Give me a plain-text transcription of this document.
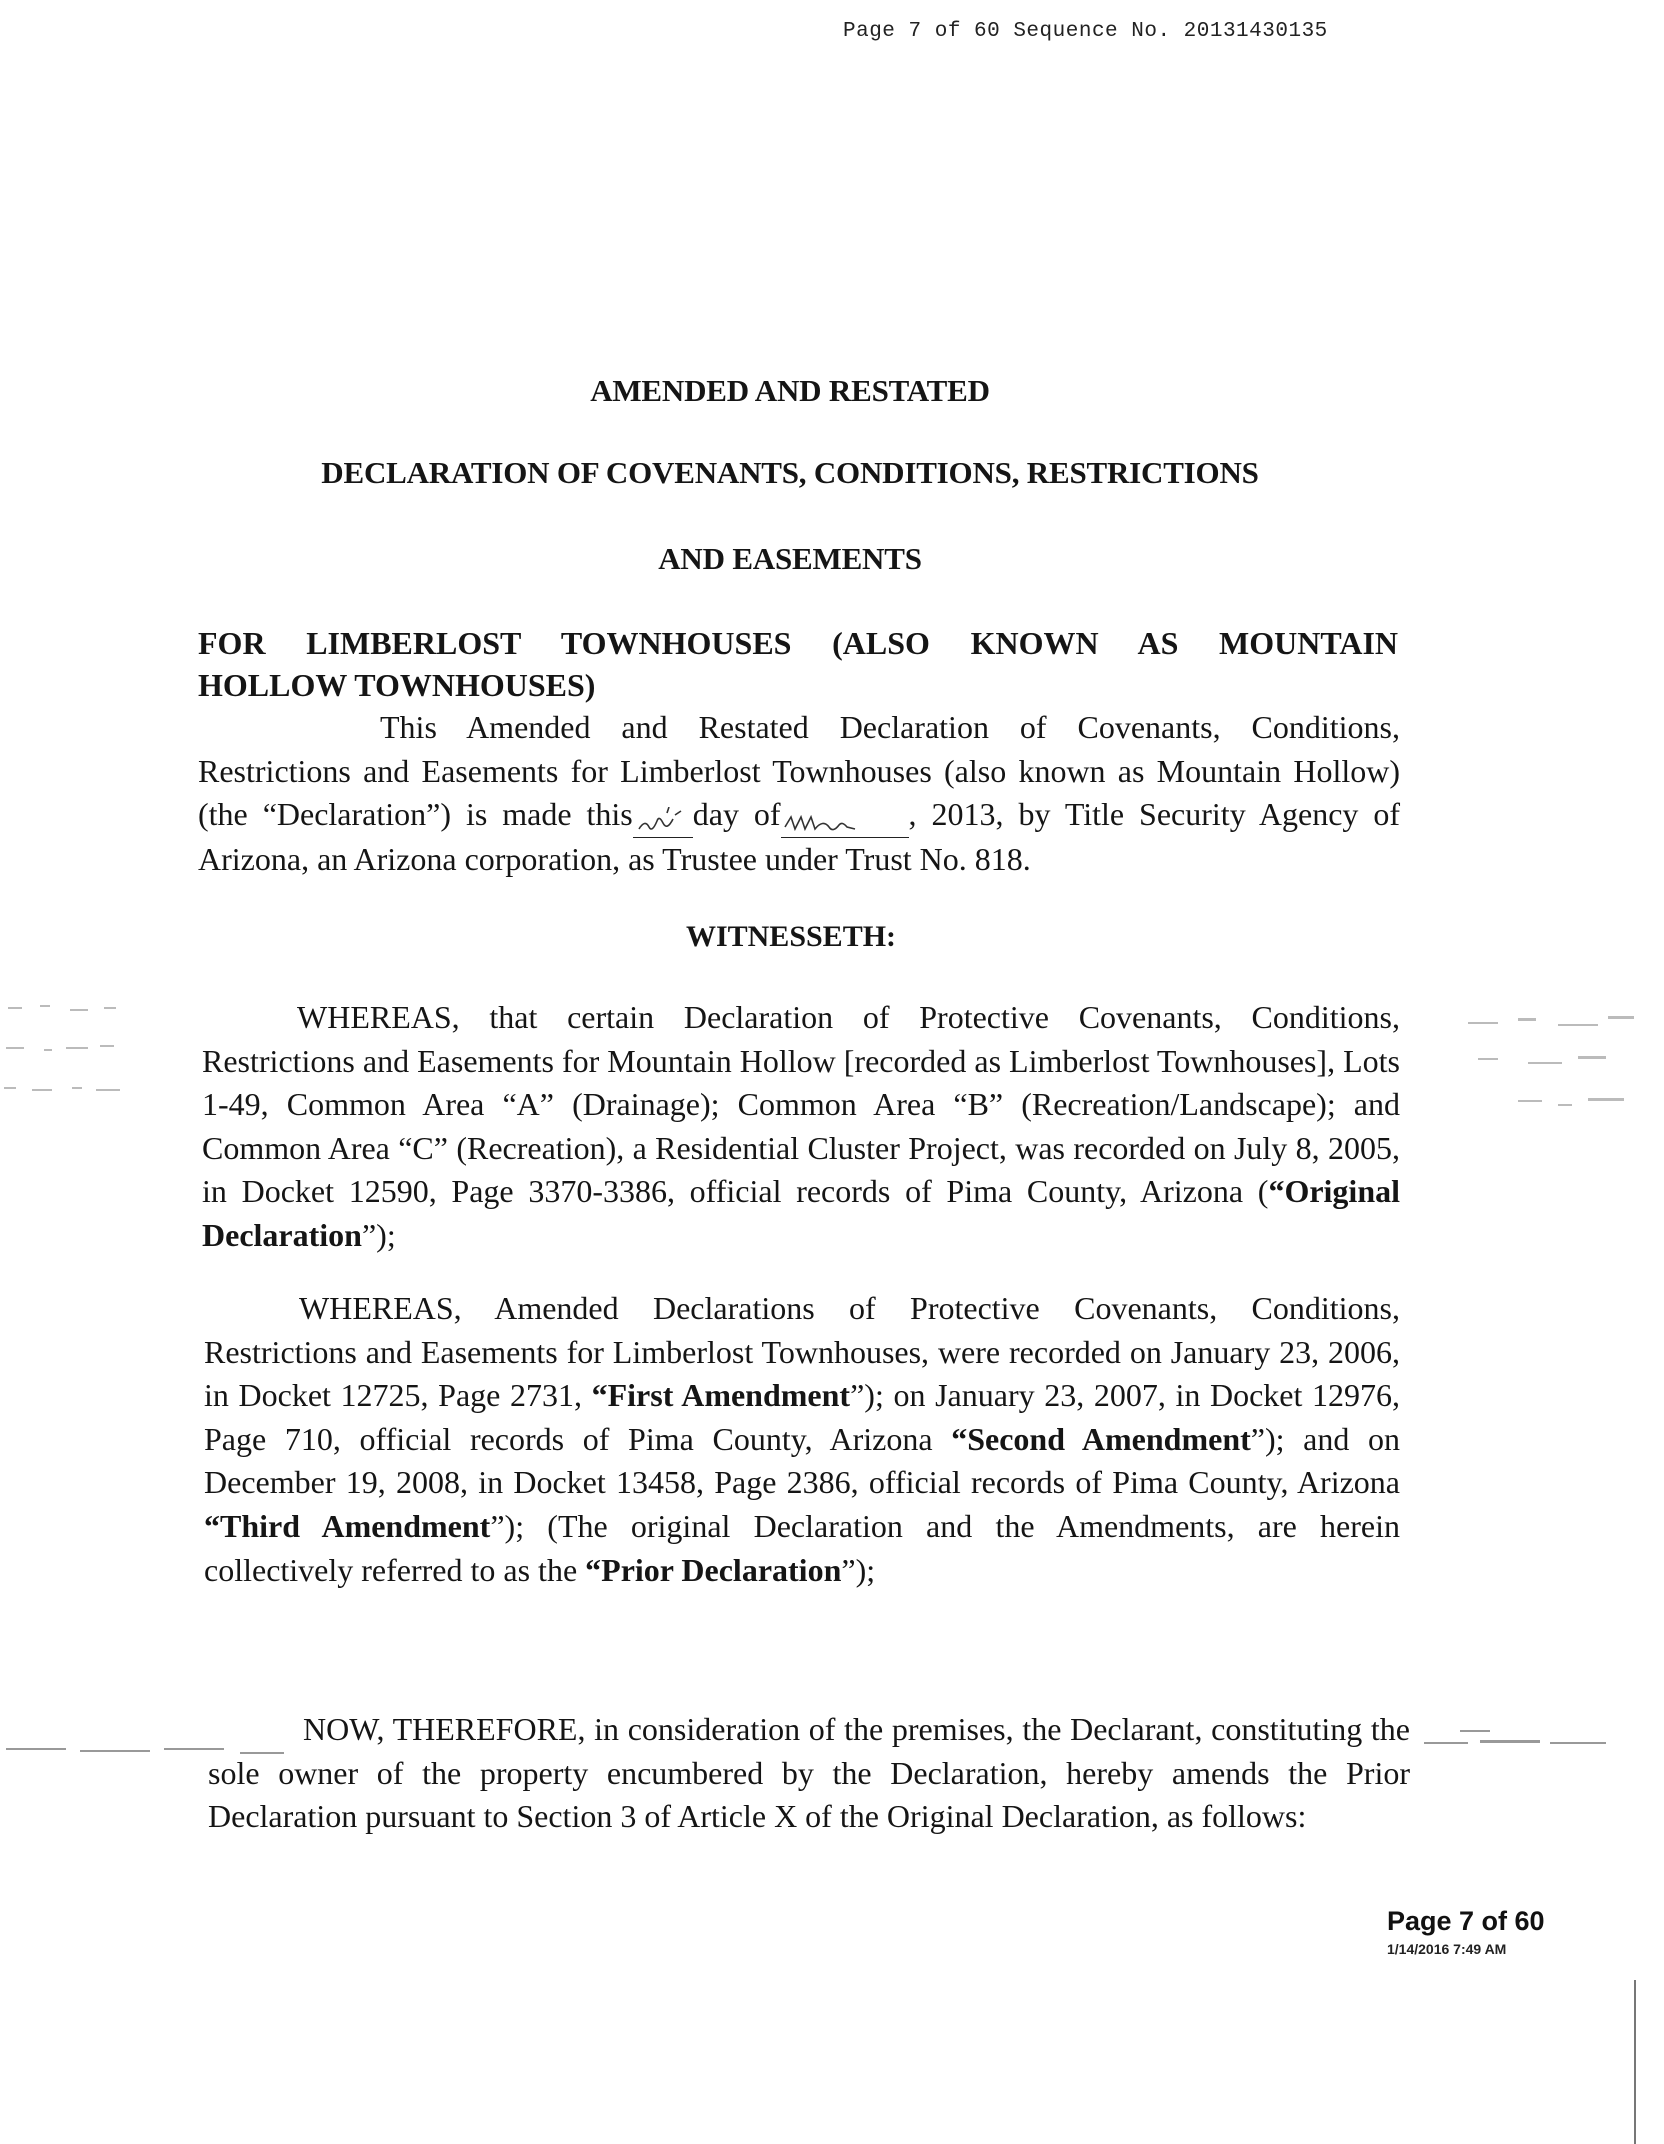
Page 7 of 60 Sequence No. 20131430135
AMENDED AND RESTATED
DECLARATION OF COVENANTS, CONDITIONS, RESTRICTIONS
AND EASEMENTS
FOR LIMBERLOST TOWNHOUSES (ALSO KNOWN AS MOUNTAIN
HOLLOW TOWNHOUSES)

This Amended and Restated Declaration of Covenants, Conditions, Restrictions and Easements for Limberlost Townhouses (also known as Mountain Hollow) (the “Declaration”) is made this day of	, 2013, by Title Security Agency of Arizona, an Arizona corporation, as Trustee under Trust No. 818.

WITNESSETH:

WHEREAS, that certain Declaration of Protective Covenants, Conditions, Restrictions and Easements for Mountain Hollow [recorded as Limberlost Townhouses], Lots 1-49, Common Area “A” (Drainage); Common Area “B” (Recreation/Landscape); and Common Area “C” (Recreation), a Residential Cluster Project, was recorded on July 8, 2005, in Docket 12590, Page 3370-3386, official records of Pima County, Arizona (“Original Declaration”);

WHEREAS, Amended Declarations of Protective Covenants, Conditions, Restrictions and Easements for Limberlost Townhouses, were recorded on January 23, 2006, in Docket 12725, Page 2731, “First Amendment”); on January 23, 2007, in Docket 12976, Page 710, official records of Pima County, Arizona “Second Amendment”); and on December 19, 2008, in Docket 13458, Page 2386, official records of Pima County, Arizona “Third Amendment”); (The original Declaration and the Amendments, are herein collectively referred to as the “Prior Declaration”);

NOW, THEREFORE, in consideration of the premises, the Declarant, constituting the sole owner of the property encumbered by the Declaration, hereby amends the Prior Declaration pursuant to Section 3 of Article X of the Original Declaration, as follows:

Page 7 of 60
1/14/2016 7:49 AM
